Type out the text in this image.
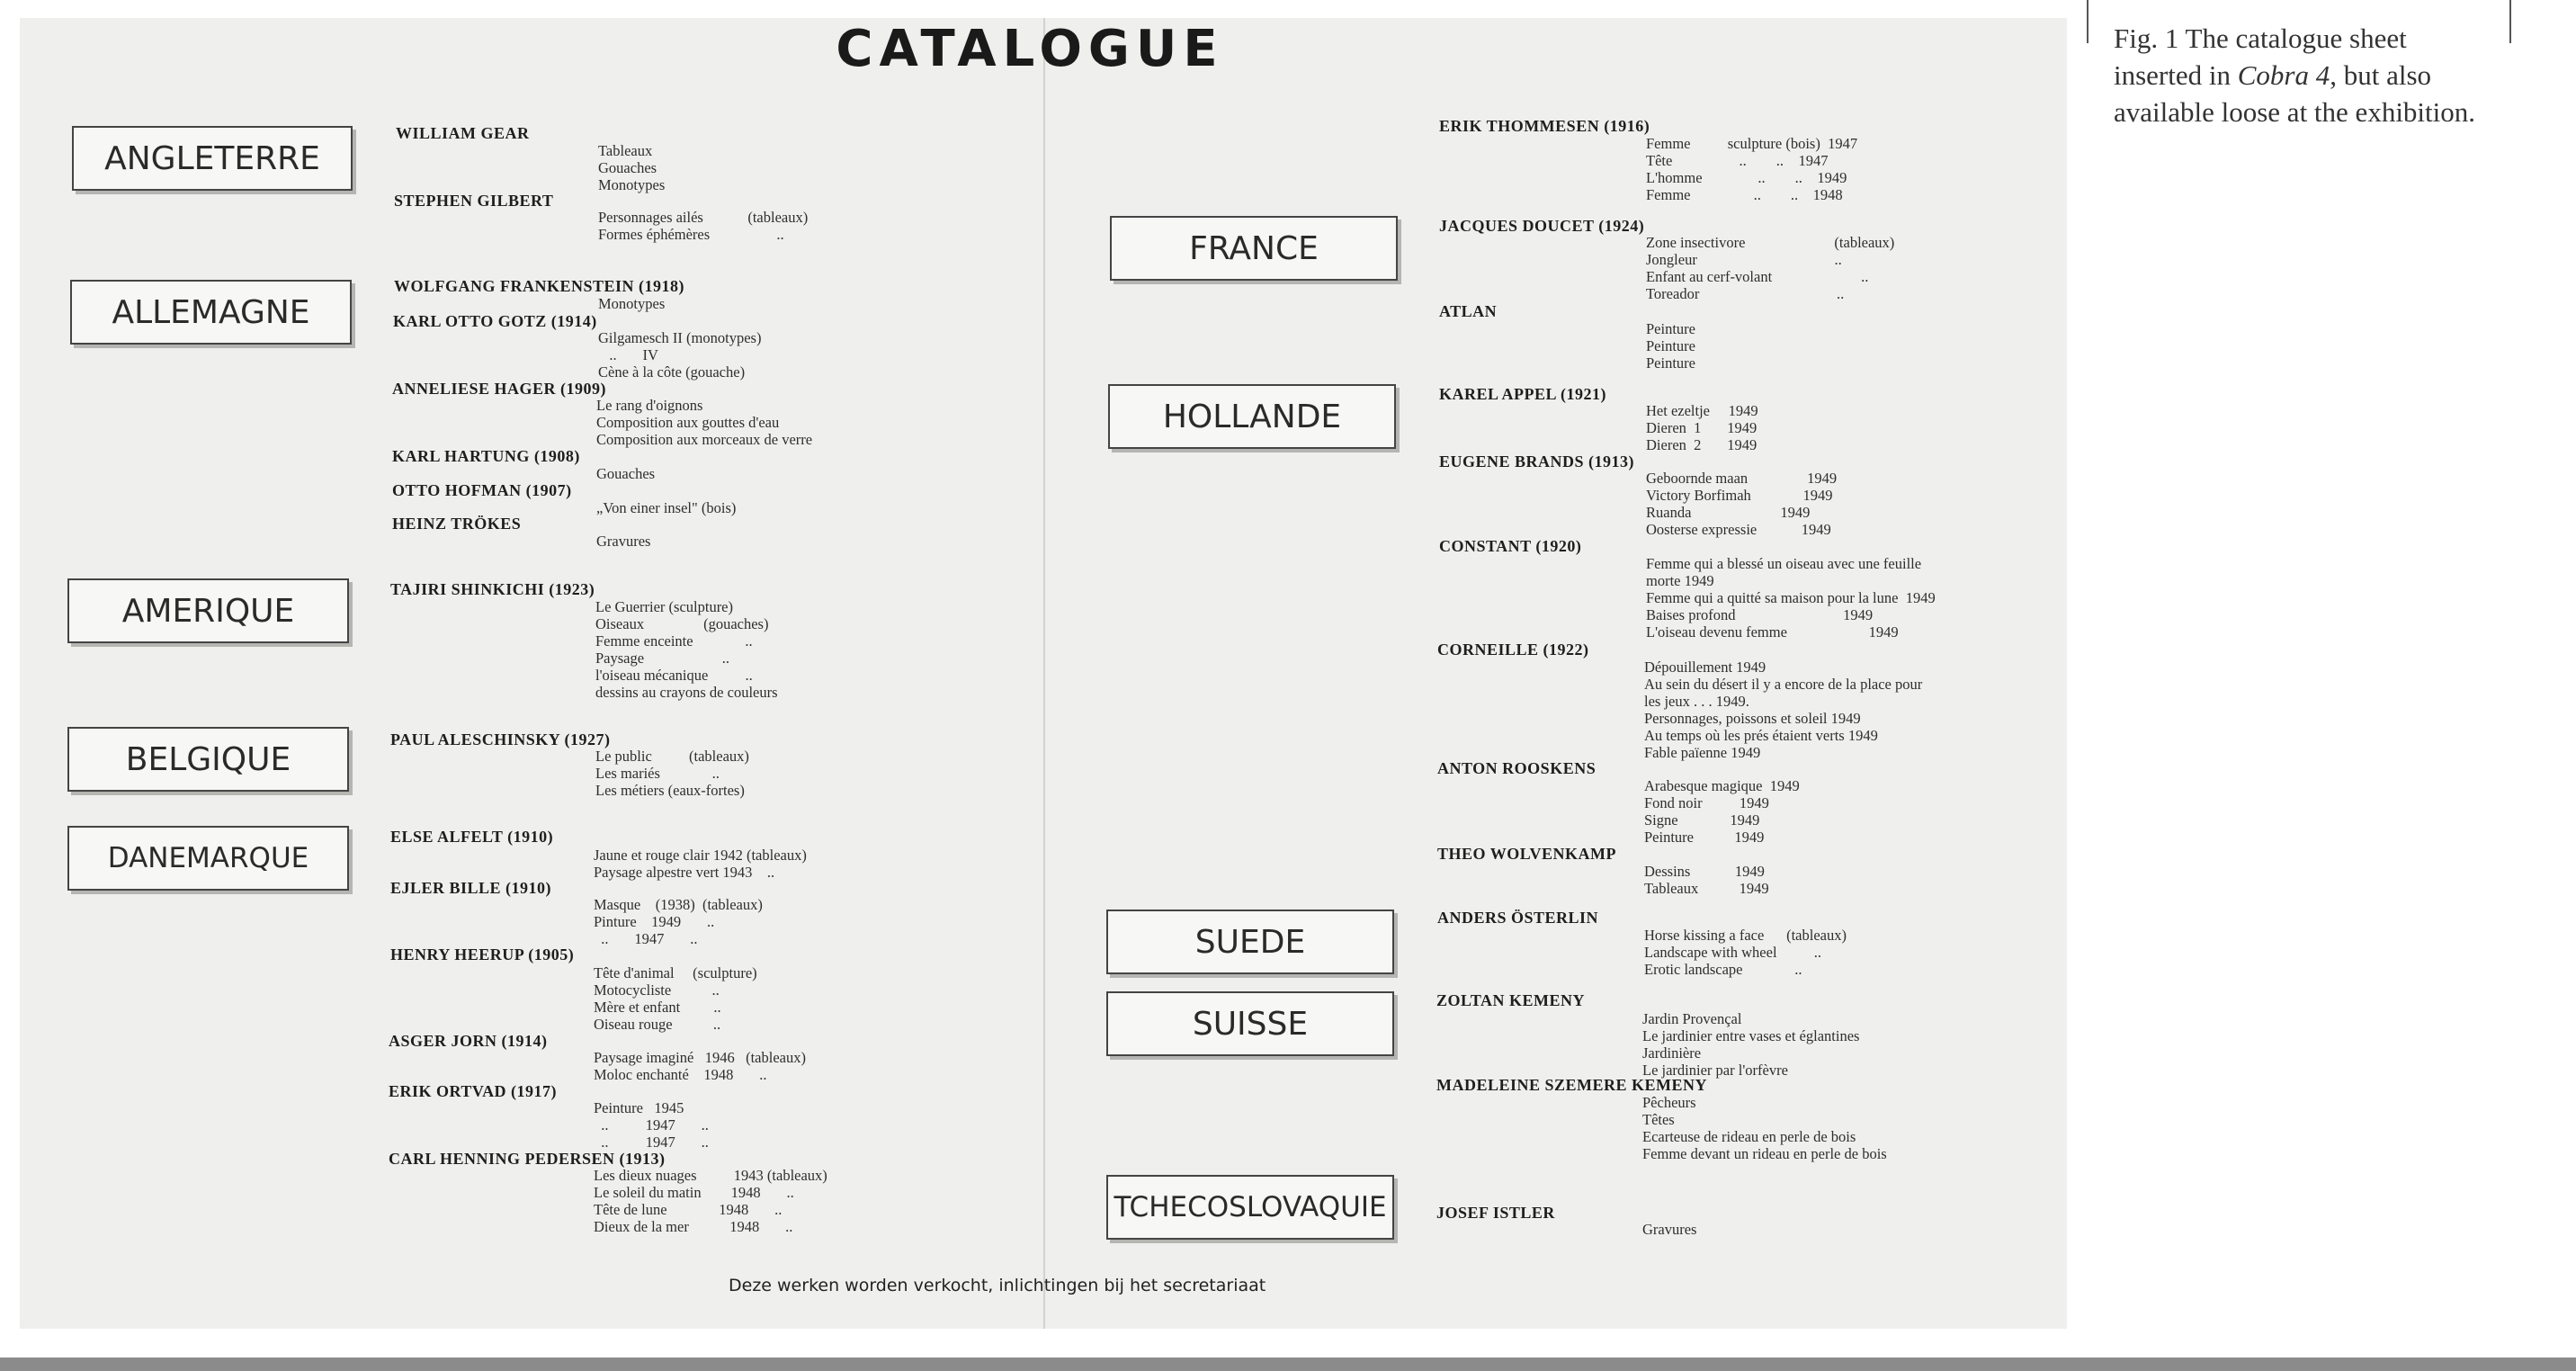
CATALOGUE
ANGLETERRE
ALLEMAGNE
AMERIQUE
BELGIQUE
DANEMARQUE
FRANCE
HOLLANDE
SUEDE
SUISSE
TCHECOSLOVAQUIE
WILLIAM GEAR
Tableaux
Gouaches
Monotypes
STEPHEN GILBERT
Personnages ailés            (tableaux)
Formes éphémères                  ..
WOLFGANG FRANKENSTEIN (1918)
Monotypes
KARL OTTO GOTZ (1914)
Gilgamesch II (monotypes)
..       IV
Cène à la côte (gouache)
ANNELIESE HAGER (1909)
Le rang d'oignons
Composition aux gouttes d'eau
Composition aux morceaux de verre
KARL HARTUNG (1908)
Gouaches
OTTO HOFMAN (1907)
„Von einer insel" (bois)
HEINZ TRÖKES
Gravures
TAJIRI SHINKICHI (1923)
Le Guerrier (sculpture)
Oiseaux                (gouaches)
Femme enceinte              ..
Paysage                     ..
l'oiseau mécanique          ..
dessins au crayons de couleurs
PAUL ALESCHINSKY (1927)
Le public          (tableaux)
Les mariés              ..
Les métiers (eaux-fortes)
ELSE ALFELT (1910)
Jaune et rouge clair 1942 (tableaux)
Paysage alpestre vert 1943    ..
EJLER BILLE (1910)
Masque    (1938)  (tableaux)
Pinture    1949       ..
..       1947       ..
HENRY HEERUP (1905)
Tête d'animal     (sculpture)
Motocycliste           ..
Mère et enfant         ..
Oiseau rouge           ..
ASGER JORN (1914)
Paysage imaginé   1946   (tableaux)
Moloc enchanté    1948       ..
ERIK ORTVAD (1917)
Peinture   1945
..          1947       ..
..          1947       ..
CARL HENNING PEDERSEN (1913)
Les dieux nuages          1943 (tableaux)
Le soleil du matin        1948       ..
Tête de lune              1948       ..
Dieux de la mer           1948       ..
ERIK THOMMESEN (1916)
Femme          sculpture (bois)  1947
Tête                  ..        ..    1947
L'homme               ..        ..    1949
Femme                 ..        ..    1948
JACQUES DOUCET (1924)
Zone insectivore                        (tableaux)
Jongleur                                     ..
Enfant au cerf-volant                        ..
Toreador                                     ..
ATLAN
Peinture
Peinture
Peinture
KAREL APPEL (1921)
Het ezeltje     1949
Dieren  1       1949
Dieren  2       1949
EUGENE BRANDS (1913)
Geboornde maan                1949
Victory Borfimah              1949
Ruanda                        1949
Oosterse expressie            1949
CONSTANT (1920)
Femme qui a blessé un oiseau avec une feuille
morte 1949
Femme qui a quitté sa maison pour la lune  1949
Baises profond                             1949
L'oiseau devenu femme                      1949
CORNEILLE (1922)
Dépouillement 1949
Au sein du désert il y a encore de la place pour
les jeux . . . 1949.
Personnages, poissons et soleil 1949
Au temps où les prés étaient verts 1949
Fable païenne 1949
ANTON ROOSKENS
Arabesque magique  1949
Fond noir          1949
Signe              1949
Peinture           1949
THEO WOLVENKAMP
Dessins            1949
Tableaux           1949
ANDERS ÖSTERLIN
Horse kissing a face      (tableaux)
Landscape with wheel          ..
Erotic landscape              ..
ZOLTAN KEMENY
Jardin Provençal
Le jardinier entre vases et églantines
Jardinière
Le jardinier par l'orfèvre
MADELEINE SZEMERE KEMENY
Pêcheurs
Têtes
Ecarteuse de rideau en perle de bois
Femme devant un rideau en perle de bois
JOSEF ISTLER
Gravures
Deze werken worden verkocht, inlichtingen bij het secretariaat
Fig. 1 The catalogue sheet inserted in Cobra 4, but also available loose at the exhibition.
